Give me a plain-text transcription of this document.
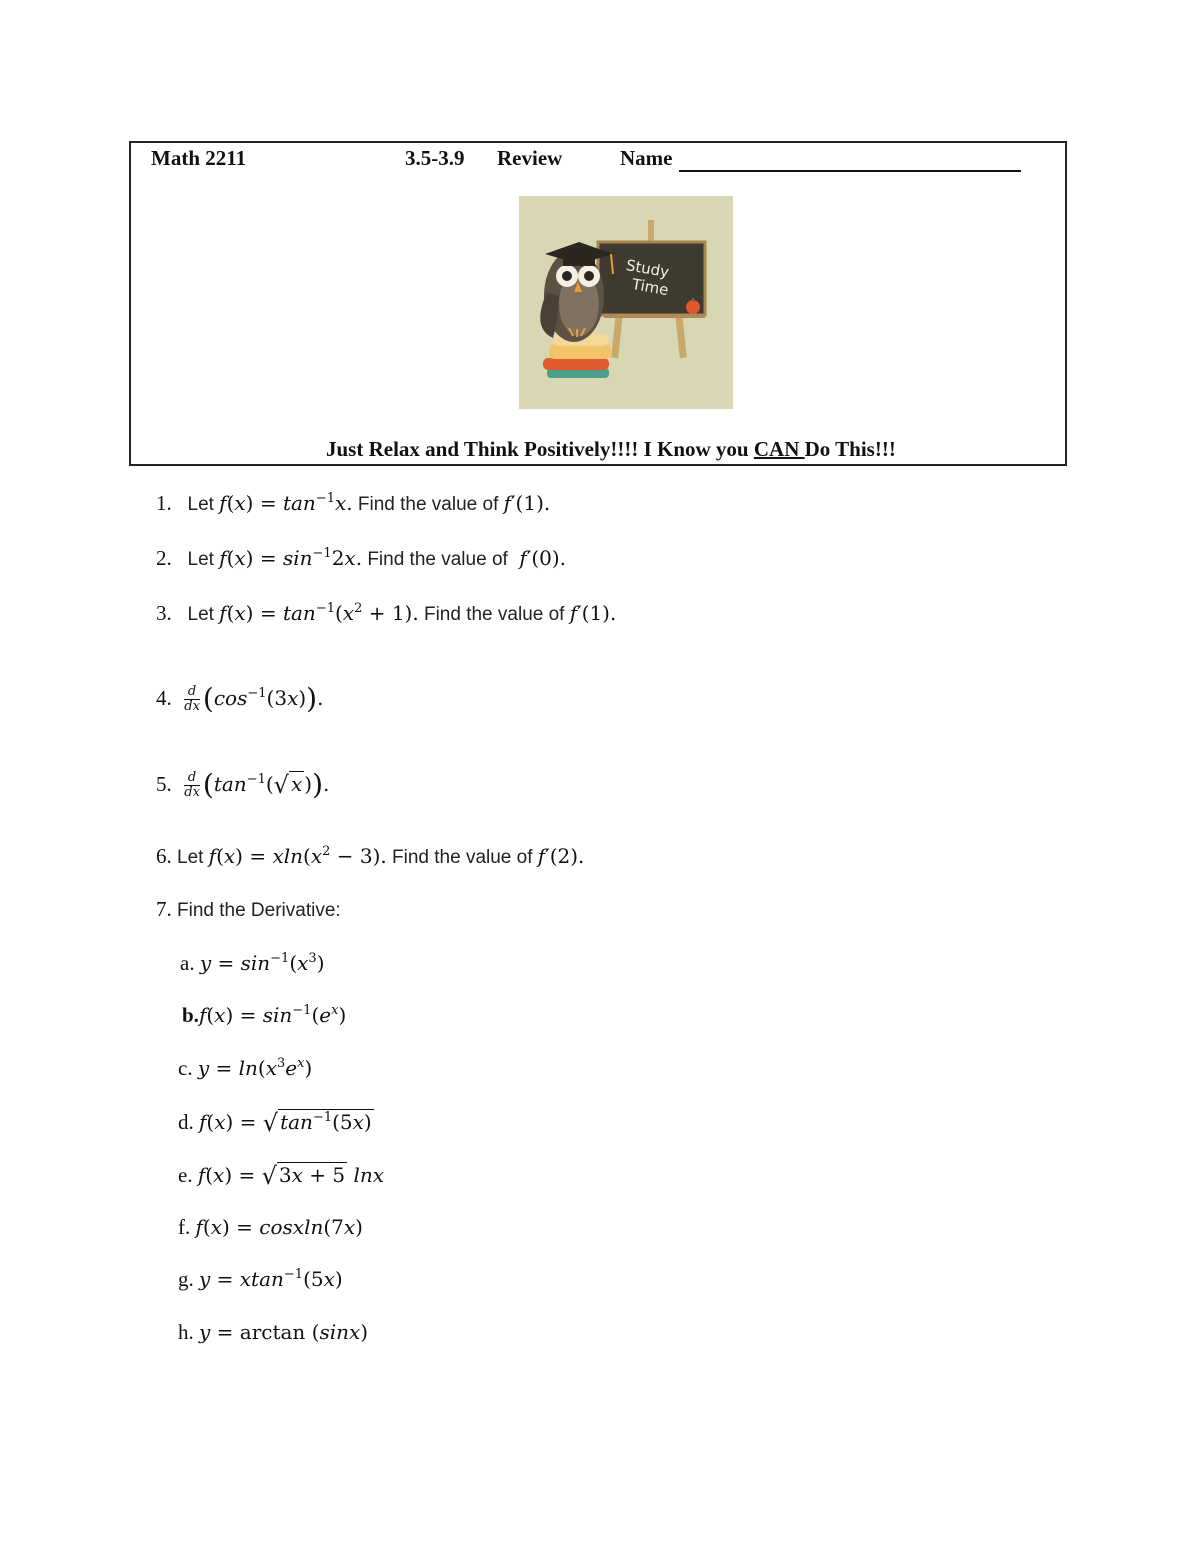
Math 2211	3.5-3.9 Review	Name
Study
Time
Just Relax and Think Positively!!!! I Know you CAN Do This!!!
1. Let $f(x) = \tan^{-1}x$. Find the value of f′(1).
2. Let $f(x) = \sin^{-1}2x$. Find the value of  f′(0).
3. Let $f(x) = \tan^{-1}(x^2 + 1)$. Find the value of f′(1).
4. $\frac{d}{dx} (\cos^{-1}(3x))$.
5. $\frac{d}{dx} (\tan^{-1}(√$ x )).
6. Let $f(x) = xln(x^2 - 3)$. Find the value of f′(2).
7. Find the Derivative:
a. $y = \sin^{-1}(x^3)$
$b.f(x) = \sin^{-1}(e^x)$
c. $y = \ln(x^3e^x)$
d. f(x) = √ $\tan^{-1}(5x)$
e. f(x) = √ 3x + 5 lnx
f. f(x) = cosxln(7x)
g. y = xtan$^{-1}$(5x)
h. y = arctan (sinx)
